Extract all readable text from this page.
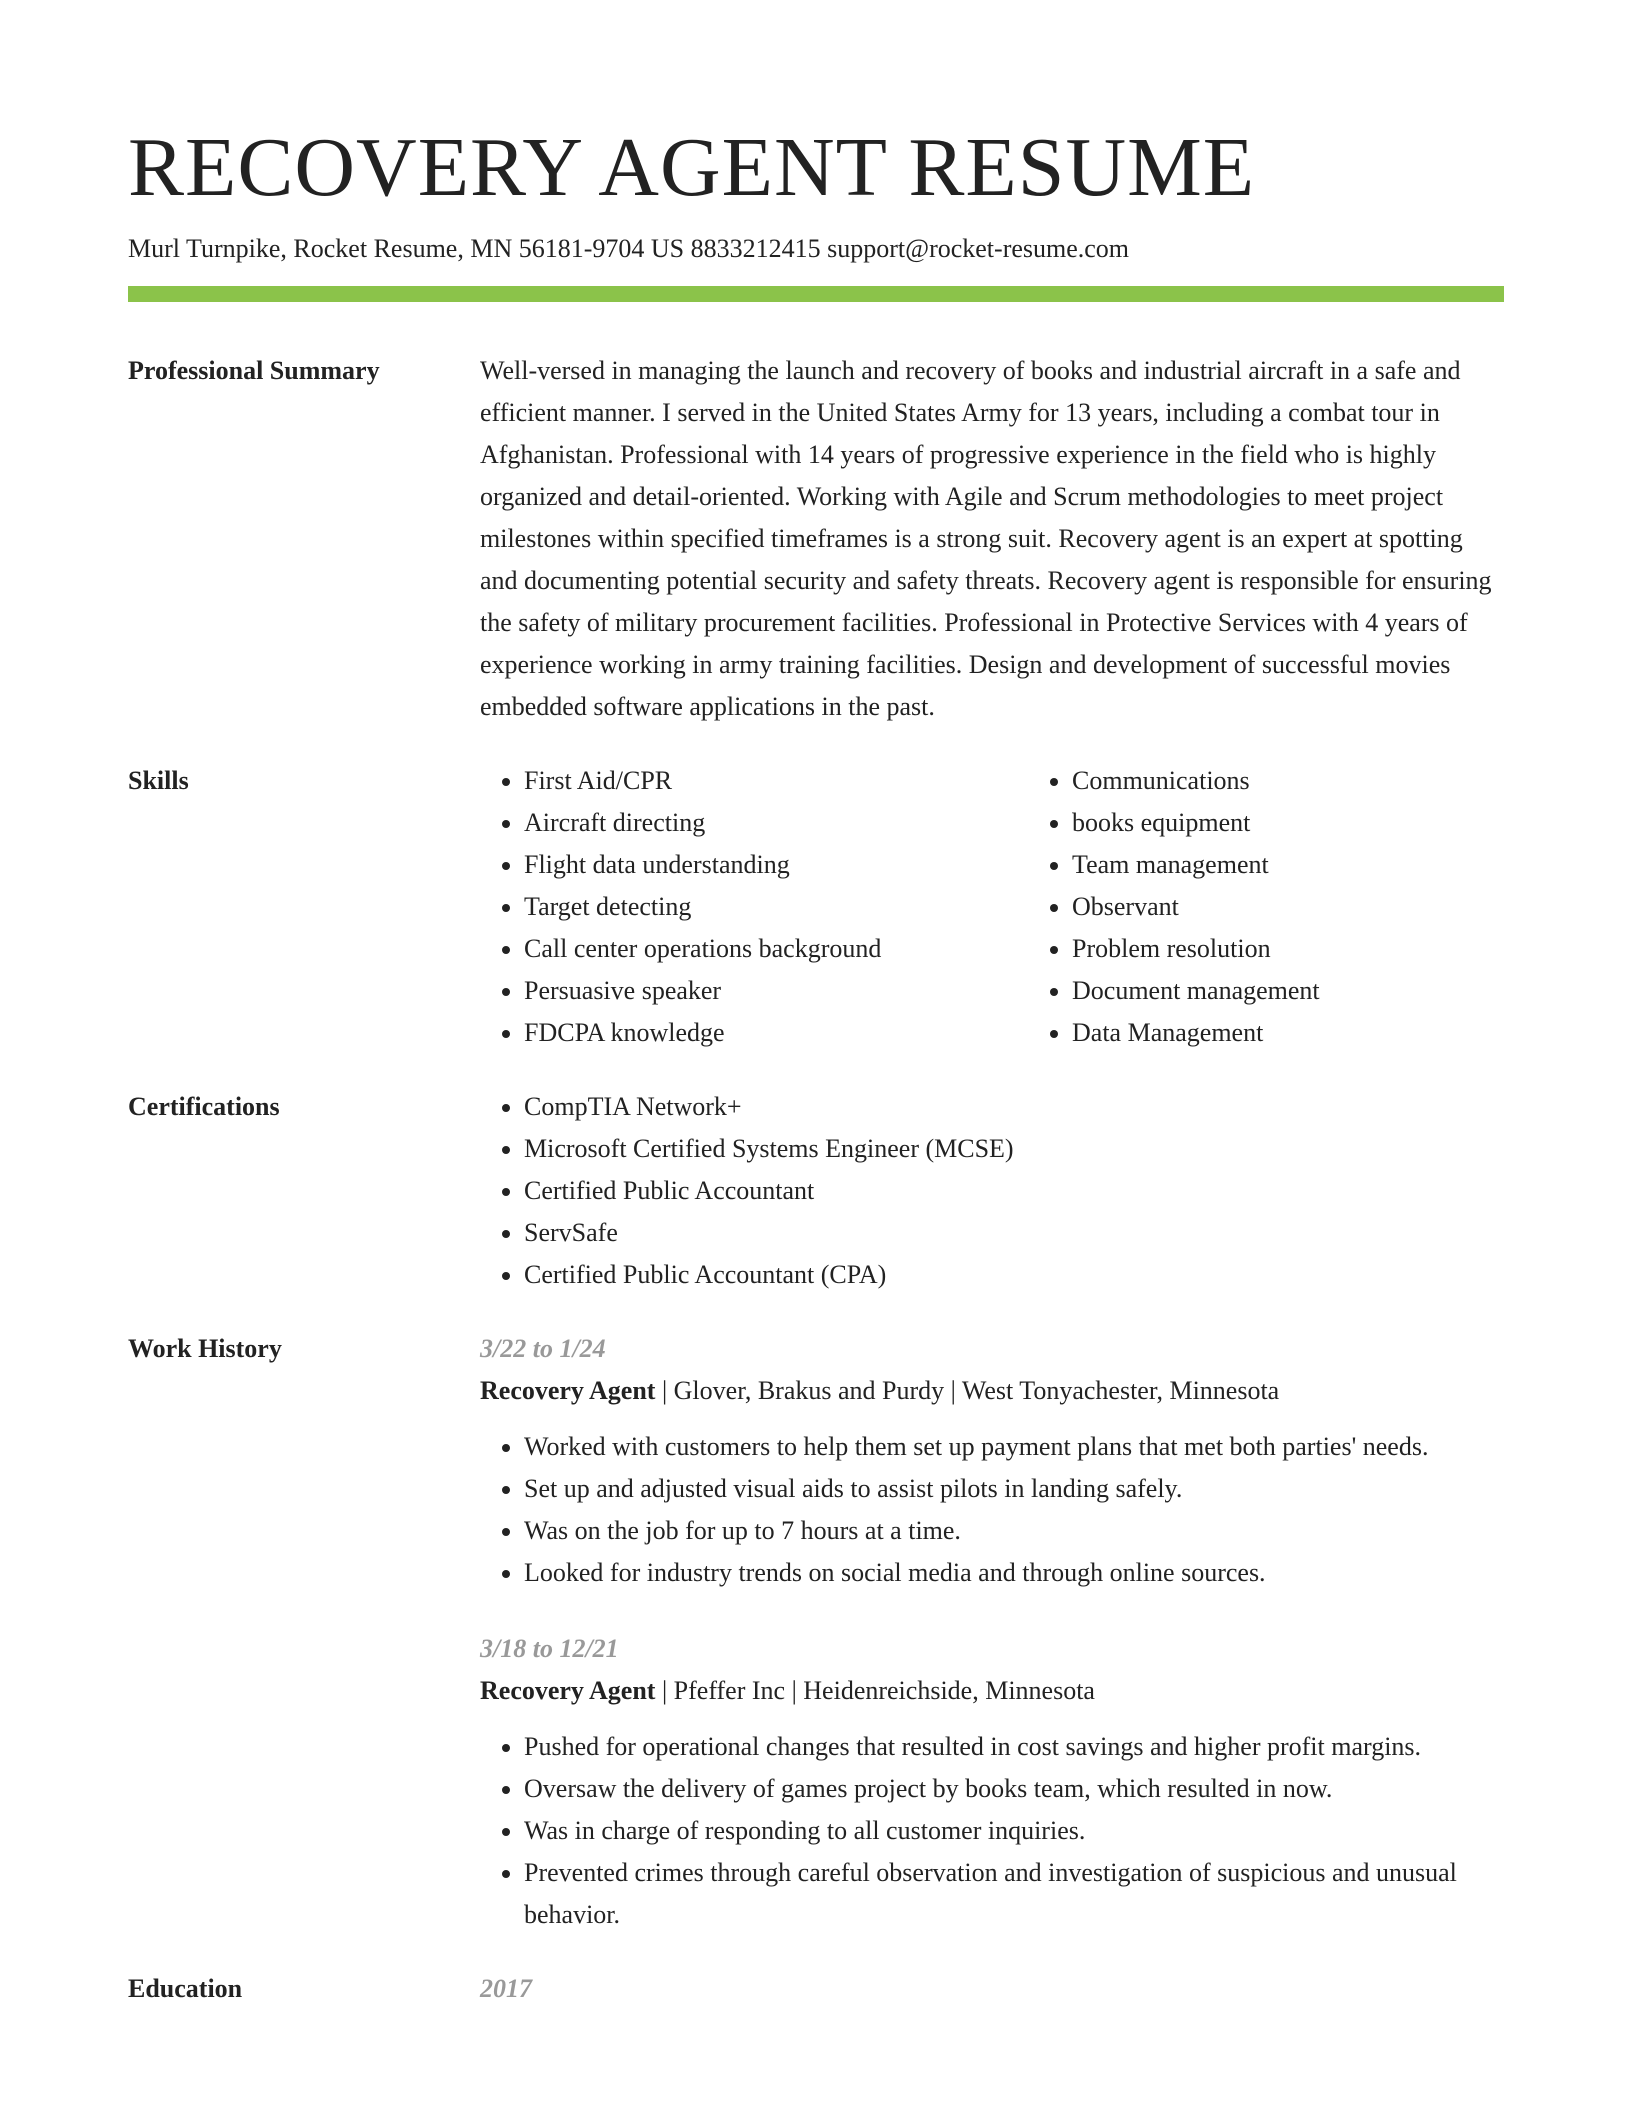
RECOVERY AGENT RESUME
Murl Turnpike, Rocket Resume, MN 56181-9704 US 8833212415 support@rocket-resume.com
Professional Summary	Well-versed in managing the launch and recovery of books and industrial aircraft in a safe and efficient manner. I served in the United States Army for 13 years, including a combat tour in Afghanistan. Professional with 14 years of progressive experience in the field who is highly organized and detail-oriented. Working with Agile and Scrum methodologies to meet project milestones within specified timeframes is a strong suit. Recovery agent is an expert at spotting and documenting potential security and safety threats. Recovery agent is responsible for ensuring the safety of military procurement facilities. Professional in Protective Services with 4 years of experience working in army training facilities. Design and development of successful movies embedded software applications in the past.

Skills	• First Aid/CPR
• Aircraft directing
• Flight data understanding
• Target detecting
• Call center operations background
• Persuasive speaker
• FDCPA knowledge
• Communications
• books equipment
• Team management
• Observant
• Problem resolution
• Document management
• Data Management
Certifications	• CompTIA Network+
• Microsoft Certified Systems Engineer (MCSE)
• Certified Public Accountant
• ServSafe
• Certified Public Accountant (CPA)
Work History	3/22 to 1/24
Recovery Agent | Glover, Brakus and Purdy | West Tonyachester, Minnesota
• Worked with customers to help them set up payment plans that met both parties' needs.
• Set up and adjusted visual aids to assist pilots in landing safely.
• Was on the job for up to 7 hours at a time.
• Looked for industry trends on social media and through online sources.
3/18 to 12/21
Recovery Agent | Pfeffer Inc | Heidenreichside, Minnesota
• Pushed for operational changes that resulted in cost savings and higher profit margins.
• Oversaw the delivery of games project by books team, which resulted in now.
• Was in charge of responding to all customer inquiries.
• Prevented crimes through careful observation and investigation of suspicious and unusual behavior.
Education	2017
